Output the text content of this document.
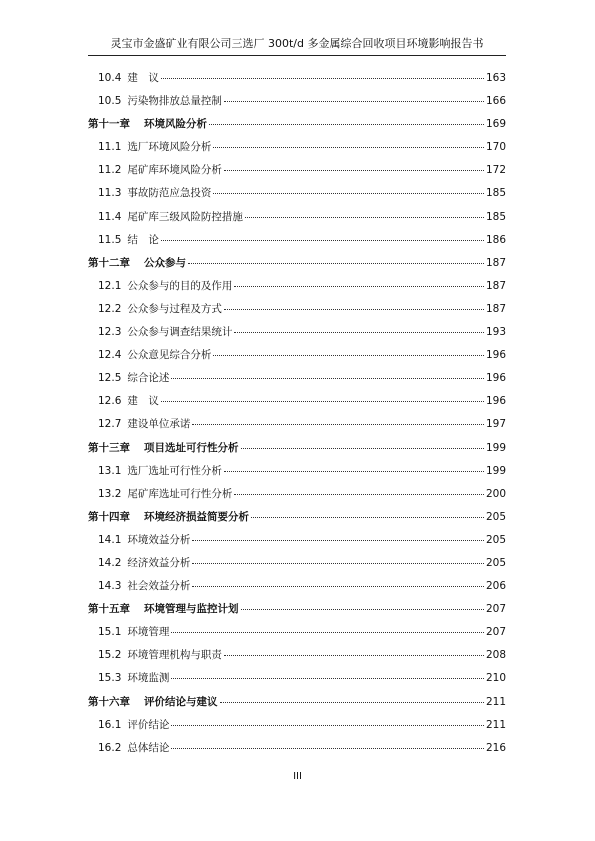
灵宝市金盛矿业有限公司三选厂 300t/d 多金属综合回收项目环境影响报告书
10.4 建　议	163
10.5 污染物排放总量控制	166
第十一章 环境风险分析	169
11.1 选厂环境风险分析	170
11.2 尾矿库环境风险分析	172
11.3 事故防范应急投资	185
11.4 尾矿库三级风险防控措施	185
11.5 结　论	186
第十二章 公众参与	187
12.1 公众参与的目的及作用	187
12.2 公众参与过程及方式	187
12.3 公众参与调查结果统计	193
12.4 公众意见综合分析	196
12.5 综合论述	196
12.6 建　议	196
12.7 建设单位承诺	197
第十三章 项目选址可行性分析	199
13.1 选厂选址可行性分析	199
13.2 尾矿库选址可行性分析	200
第十四章 环境经济损益简要分析	205
14.1 环境效益分析	205
14.2 经济效益分析	205
14.3 社会效益分析	206
第十五章 环境管理与监控计划	207
15.1 环境管理	207
15.2 环境管理机构与职责	208
15.3 环境监测	210
第十六章 评价结论与建议	211
16.1 评价结论	211
16.2 总体结论	216
III
